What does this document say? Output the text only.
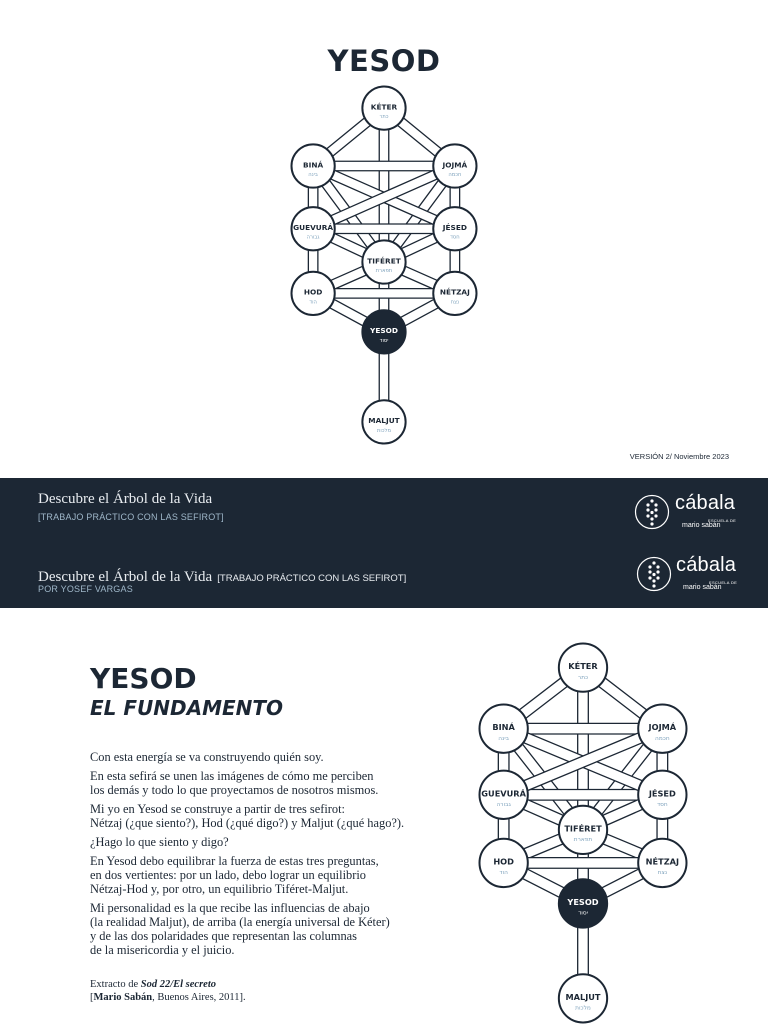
YESOD
KÉTER
כתר
BINÁ
בינה
JOJMÁ
חכמה
GUEVURÁ
גבורה
JÉSED
חסד
TIFÉRET
תפארת
HOD
הוד
NÉTZAJ
נצח
YESOD
יסוד
MALJUT
מלכות
VERSIÓN 2/ Noviembre 2023
Descubre el Árbol de la Vida
[TRABAJO PRÁCTICO CON LAS SEFIROT]
Descubre el Árbol de la Vida [TRABAJO PRÁCTICO CON LAS SEFIROT]
POR YOSEF VARGAS
cábala
ESCUELA DE
mario sabán
cábala
ESCUELA DE
mario sabán
YESOD
EL FUNDAMENTO

Con esta energía se va construyendo quién soy.

En esta sefirá se unen las imágenes de cómo me perciben
los demás y todo lo que proyectamos de nosotros mismos.

Mi yo en Yesod se construye a partir de tres sefirot:
Nétzaj (¿que siento?), Hod (¿qué digo?) y Maljut (¿qué hago?).

¿Hago lo que siento y digo?

En Yesod debo equilibrar la fuerza de estas tres preguntas,
en dos vertientes: por un lado, debo lograr un equilibrio
Nétzaj-Hod y, por otro, un equilibrio Tiféret-Maljut.

Mi personalidad es la que recibe las influencias de abajo
(la realidad Maljut), de arriba (la energía universal de Kéter)
y de las dos polaridades que representan las columnas
de la misericordia y el juicio.

Extracto de Sod 22/El secreto
[Mario Sabán, Buenos Aires, 2011].
KÉTER
כתר
BINÁ
בינה
JOJMÁ
חכמה
GUEVURÁ
גבורה
JÉSED
חסד
TIFÉRET
תפארת
HOD
הוד
NÉTZAJ
נצח
YESOD
יסוד
MALJUT
מלכות
